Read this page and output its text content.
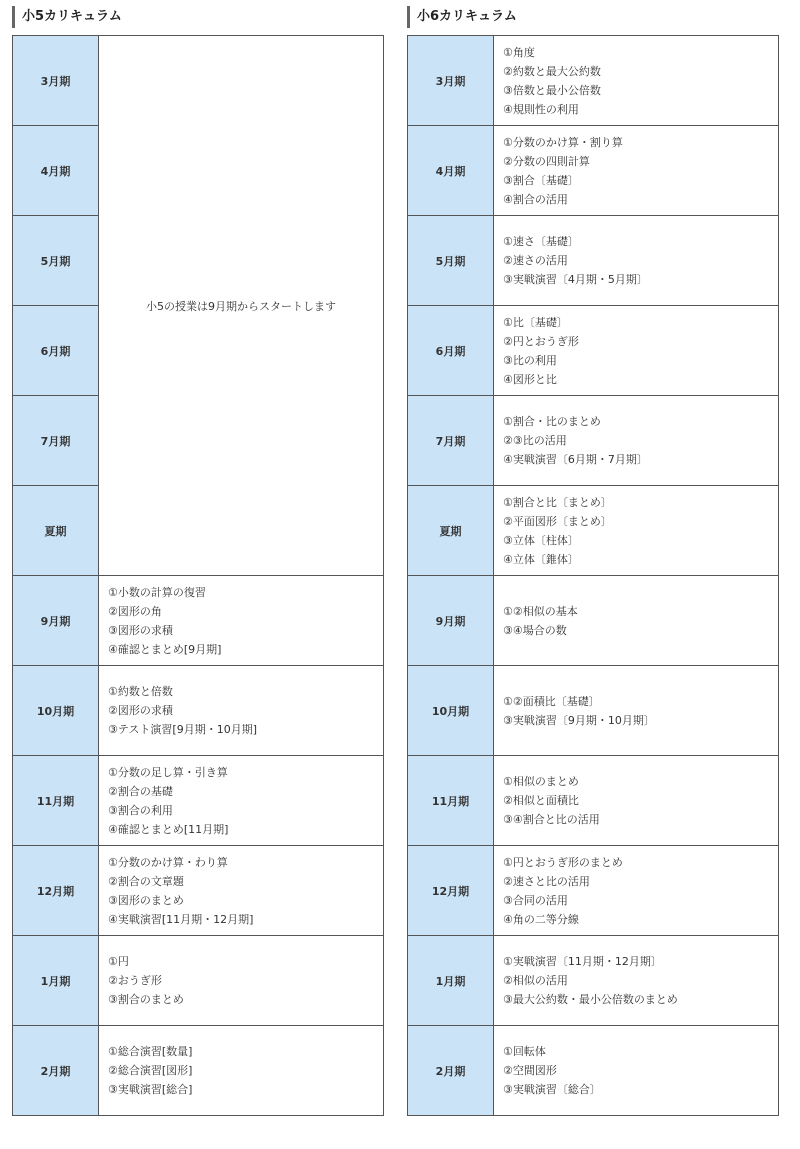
小5カリキュラム
3月期	小5の授業は9月期からスタートします
4月期	
5月期	
6月期	
7月期	
夏期	
9月期	①小数の計算の復習
②図形の角
③図形の求積
④確認とまとめ[9月期]

10月期	①約数と倍数
②図形の求積
③テスト演習[9月期・10月期]

11月期	①分数の足し算・引き算
②割合の基礎
③割合の利用
④確認とまとめ[11月期]

12月期	①分数のかけ算・わり算
②割合の文章題
③図形のまとめ
④実戦演習[11月期・12月期]

1月期	①円
②おうぎ形
③割合のまとめ

2月期	①総合演習[数量]
②総合演習[図形]
③実戦演習[総合]
小6カリキュラム
3月期	①角度
②約数と最大公約数
③倍数と最小公倍数
④規則性の利用

4月期	①分数のかけ算・割り算
②分数の四則計算
③割合〔基礎〕
④割合の活用

5月期	①速さ〔基礎〕
②速さの活用
③実戦演習〔4月期・5月期〕

6月期	①比〔基礎〕
②円とおうぎ形
③比の利用
④図形と比

7月期	①割合・比のまとめ
②③比の活用
④実戦演習〔6月期・7月期〕

夏期	①割合と比〔まとめ〕
②平面図形〔まとめ〕
③立体〔柱体〕
④立体〔錐体〕

9月期	①②相似の基本
③④場合の数

10月期	①②面積比〔基礎〕
③実戦演習〔9月期・10月期〕

11月期	①相似のまとめ
②相似と面積比
③④割合と比の活用

12月期	①円とおうぎ形のまとめ
②速さと比の活用
③合同の活用
④角の二等分線

1月期	①実戦演習〔11月期・12月期〕
②相似の活用
③最大公約数・最小公倍数のまとめ

2月期	①回転体
②空間図形
③実戦演習〔総合〕
